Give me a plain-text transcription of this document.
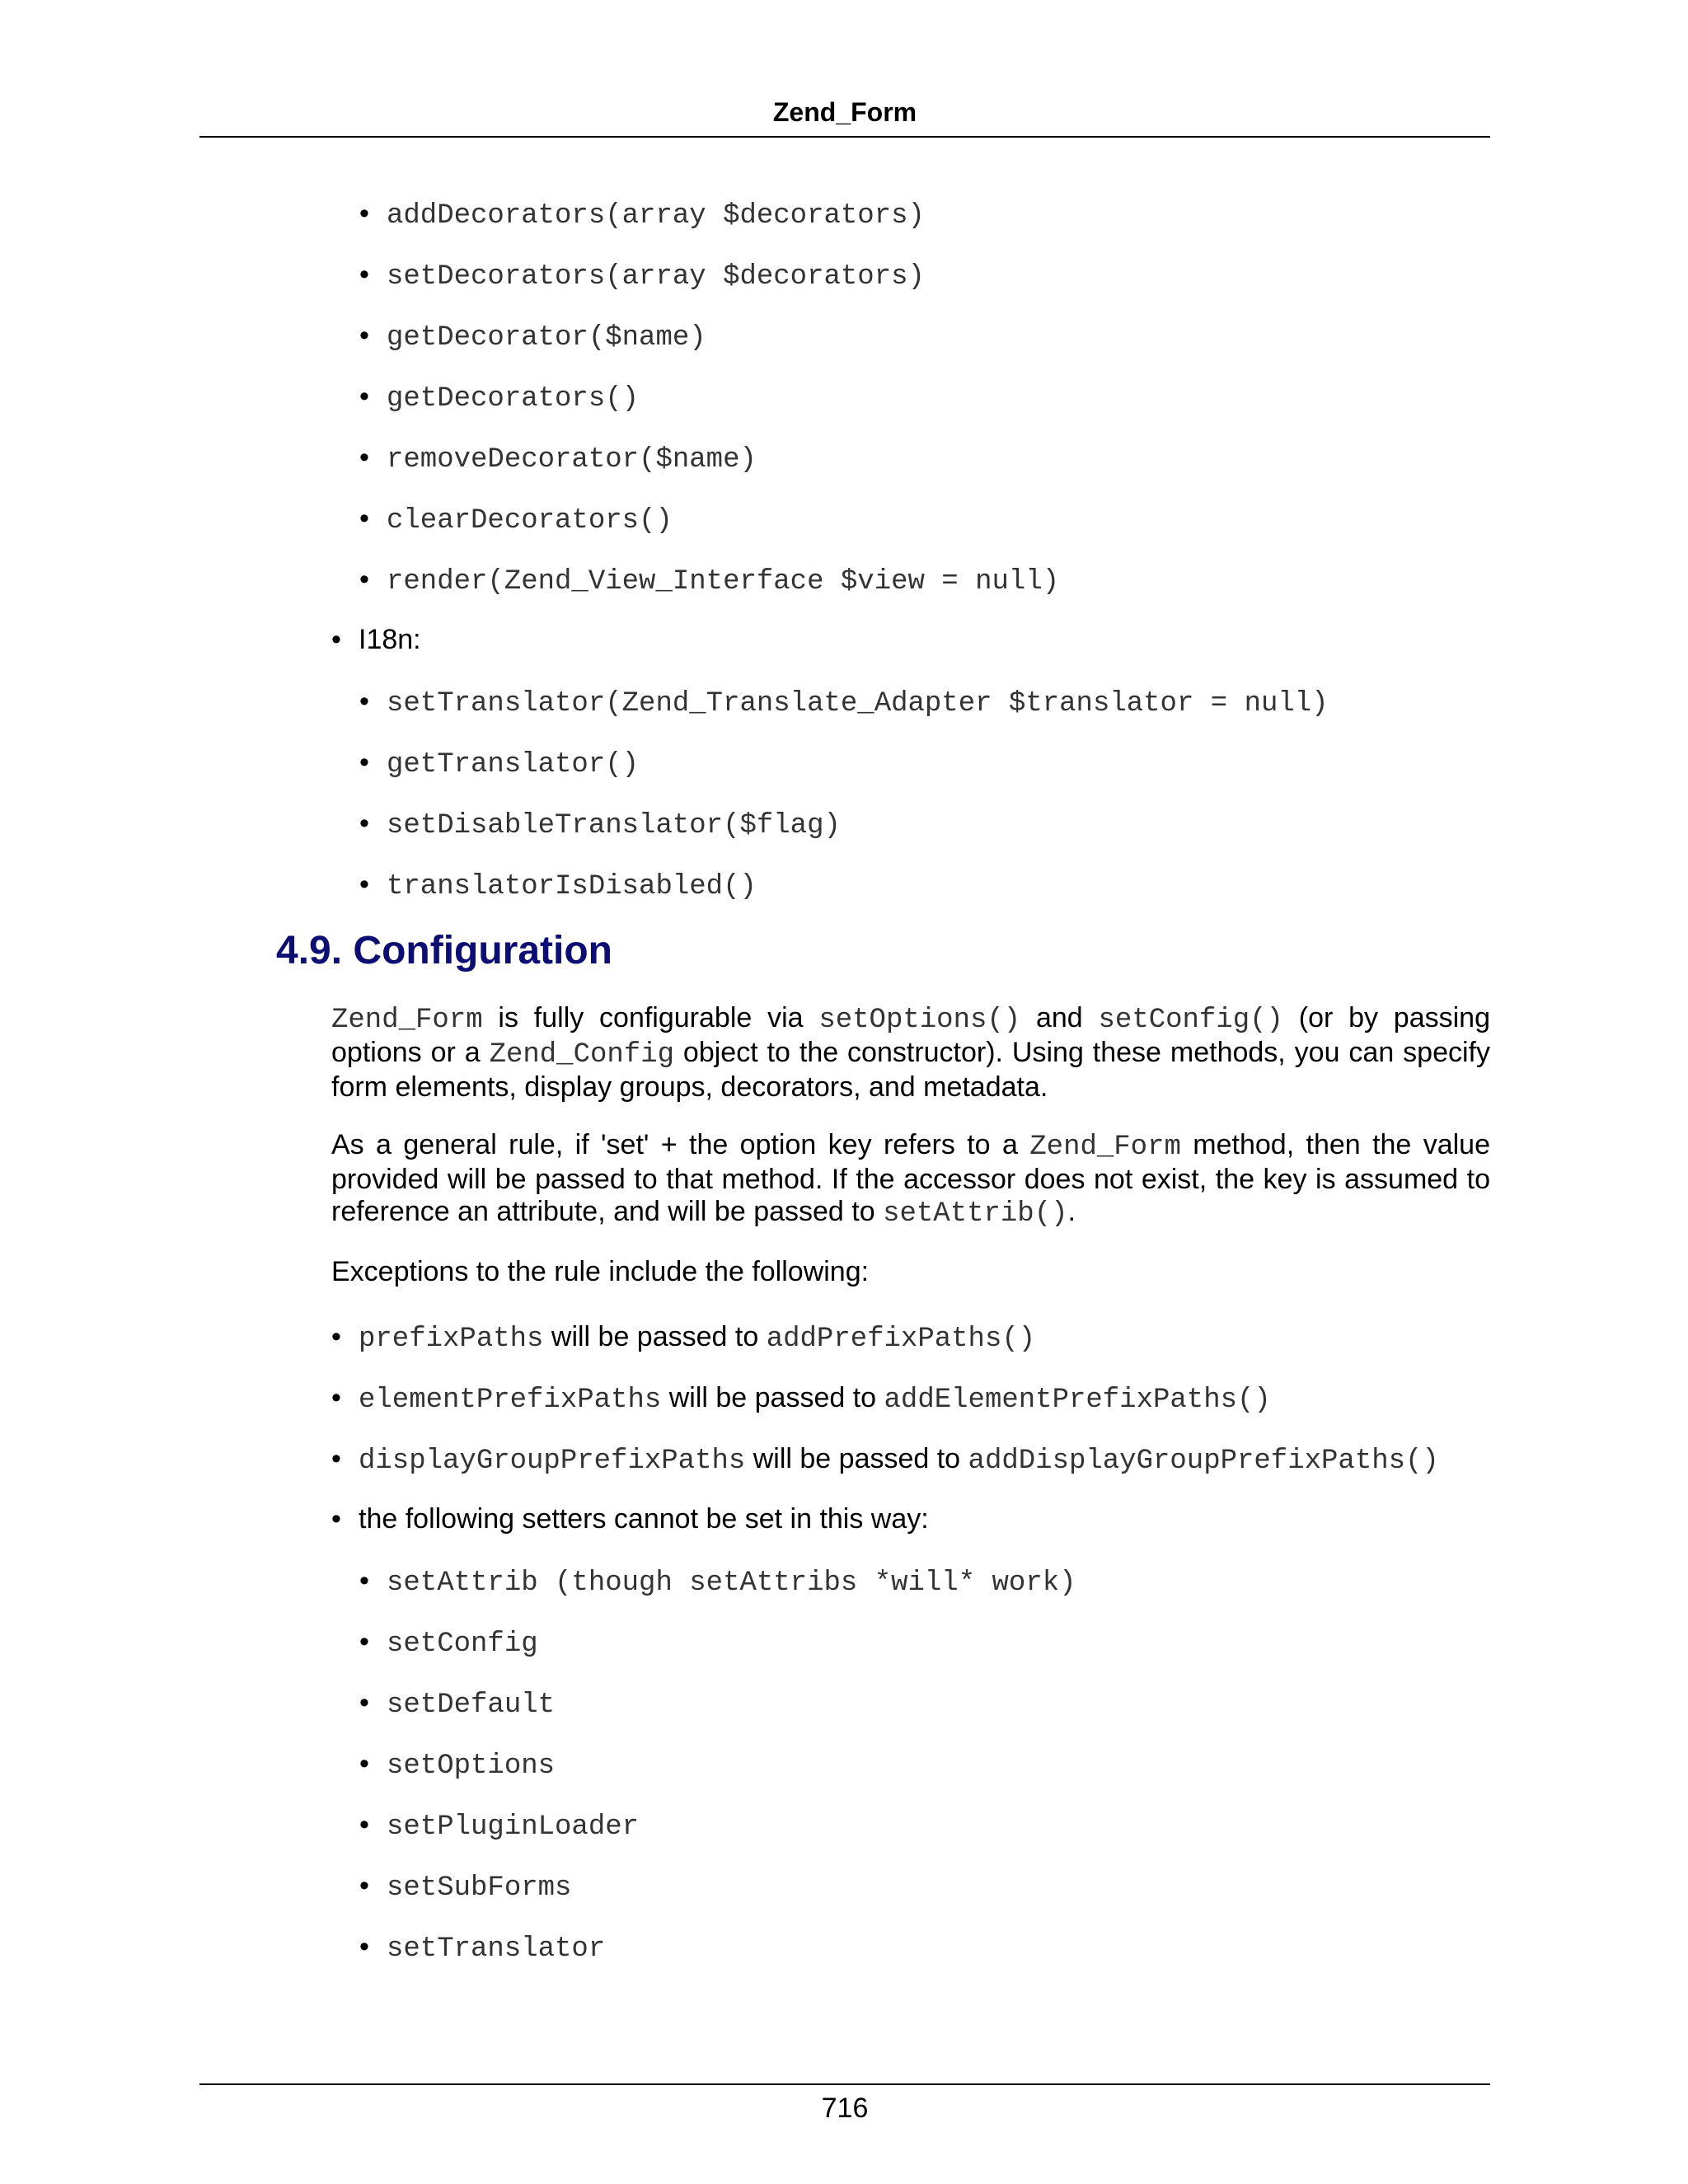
Zend_Form
• addDecorators(array $decorators)
• setDecorators(array $decorators)
• getDecorator($name)
• getDecorators()
• removeDecorator($name)
• clearDecorators()
• render(Zend_View_Interface $view = null)
• I18n:
• setTranslator(Zend_Translate_Adapter $translator = null)
• getTranslator()
• setDisableTranslator($flag)
• translatorIsDisabled()
4.9. Configuration
Zend_Form is fully configurable via setOptions() and setConfig() (or by passing options or a Zend_Config object to the constructor). Using these methods, you can specify form elements, display groups, decorators, and metadata.
As a general rule, if 'set' + the option key refers to a Zend_Form method, then the value provided will be passed to that method. If the accessor does not exist, the key is assumed to reference an attribute, and will be passed to setAttrib().
Exceptions to the rule include the following:
• prefixPaths will be passed to addPrefixPaths()
• elementPrefixPaths will be passed to addElementPrefixPaths()
• displayGroupPrefixPaths will be passed to addDisplayGroupPrefixPaths()
• the following setters cannot be set in this way:
• setAttrib (though setAttribs *will* work)
• setConfig
• setDefault
• setOptions
• setPluginLoader
• setSubForms
• setTranslator
716
